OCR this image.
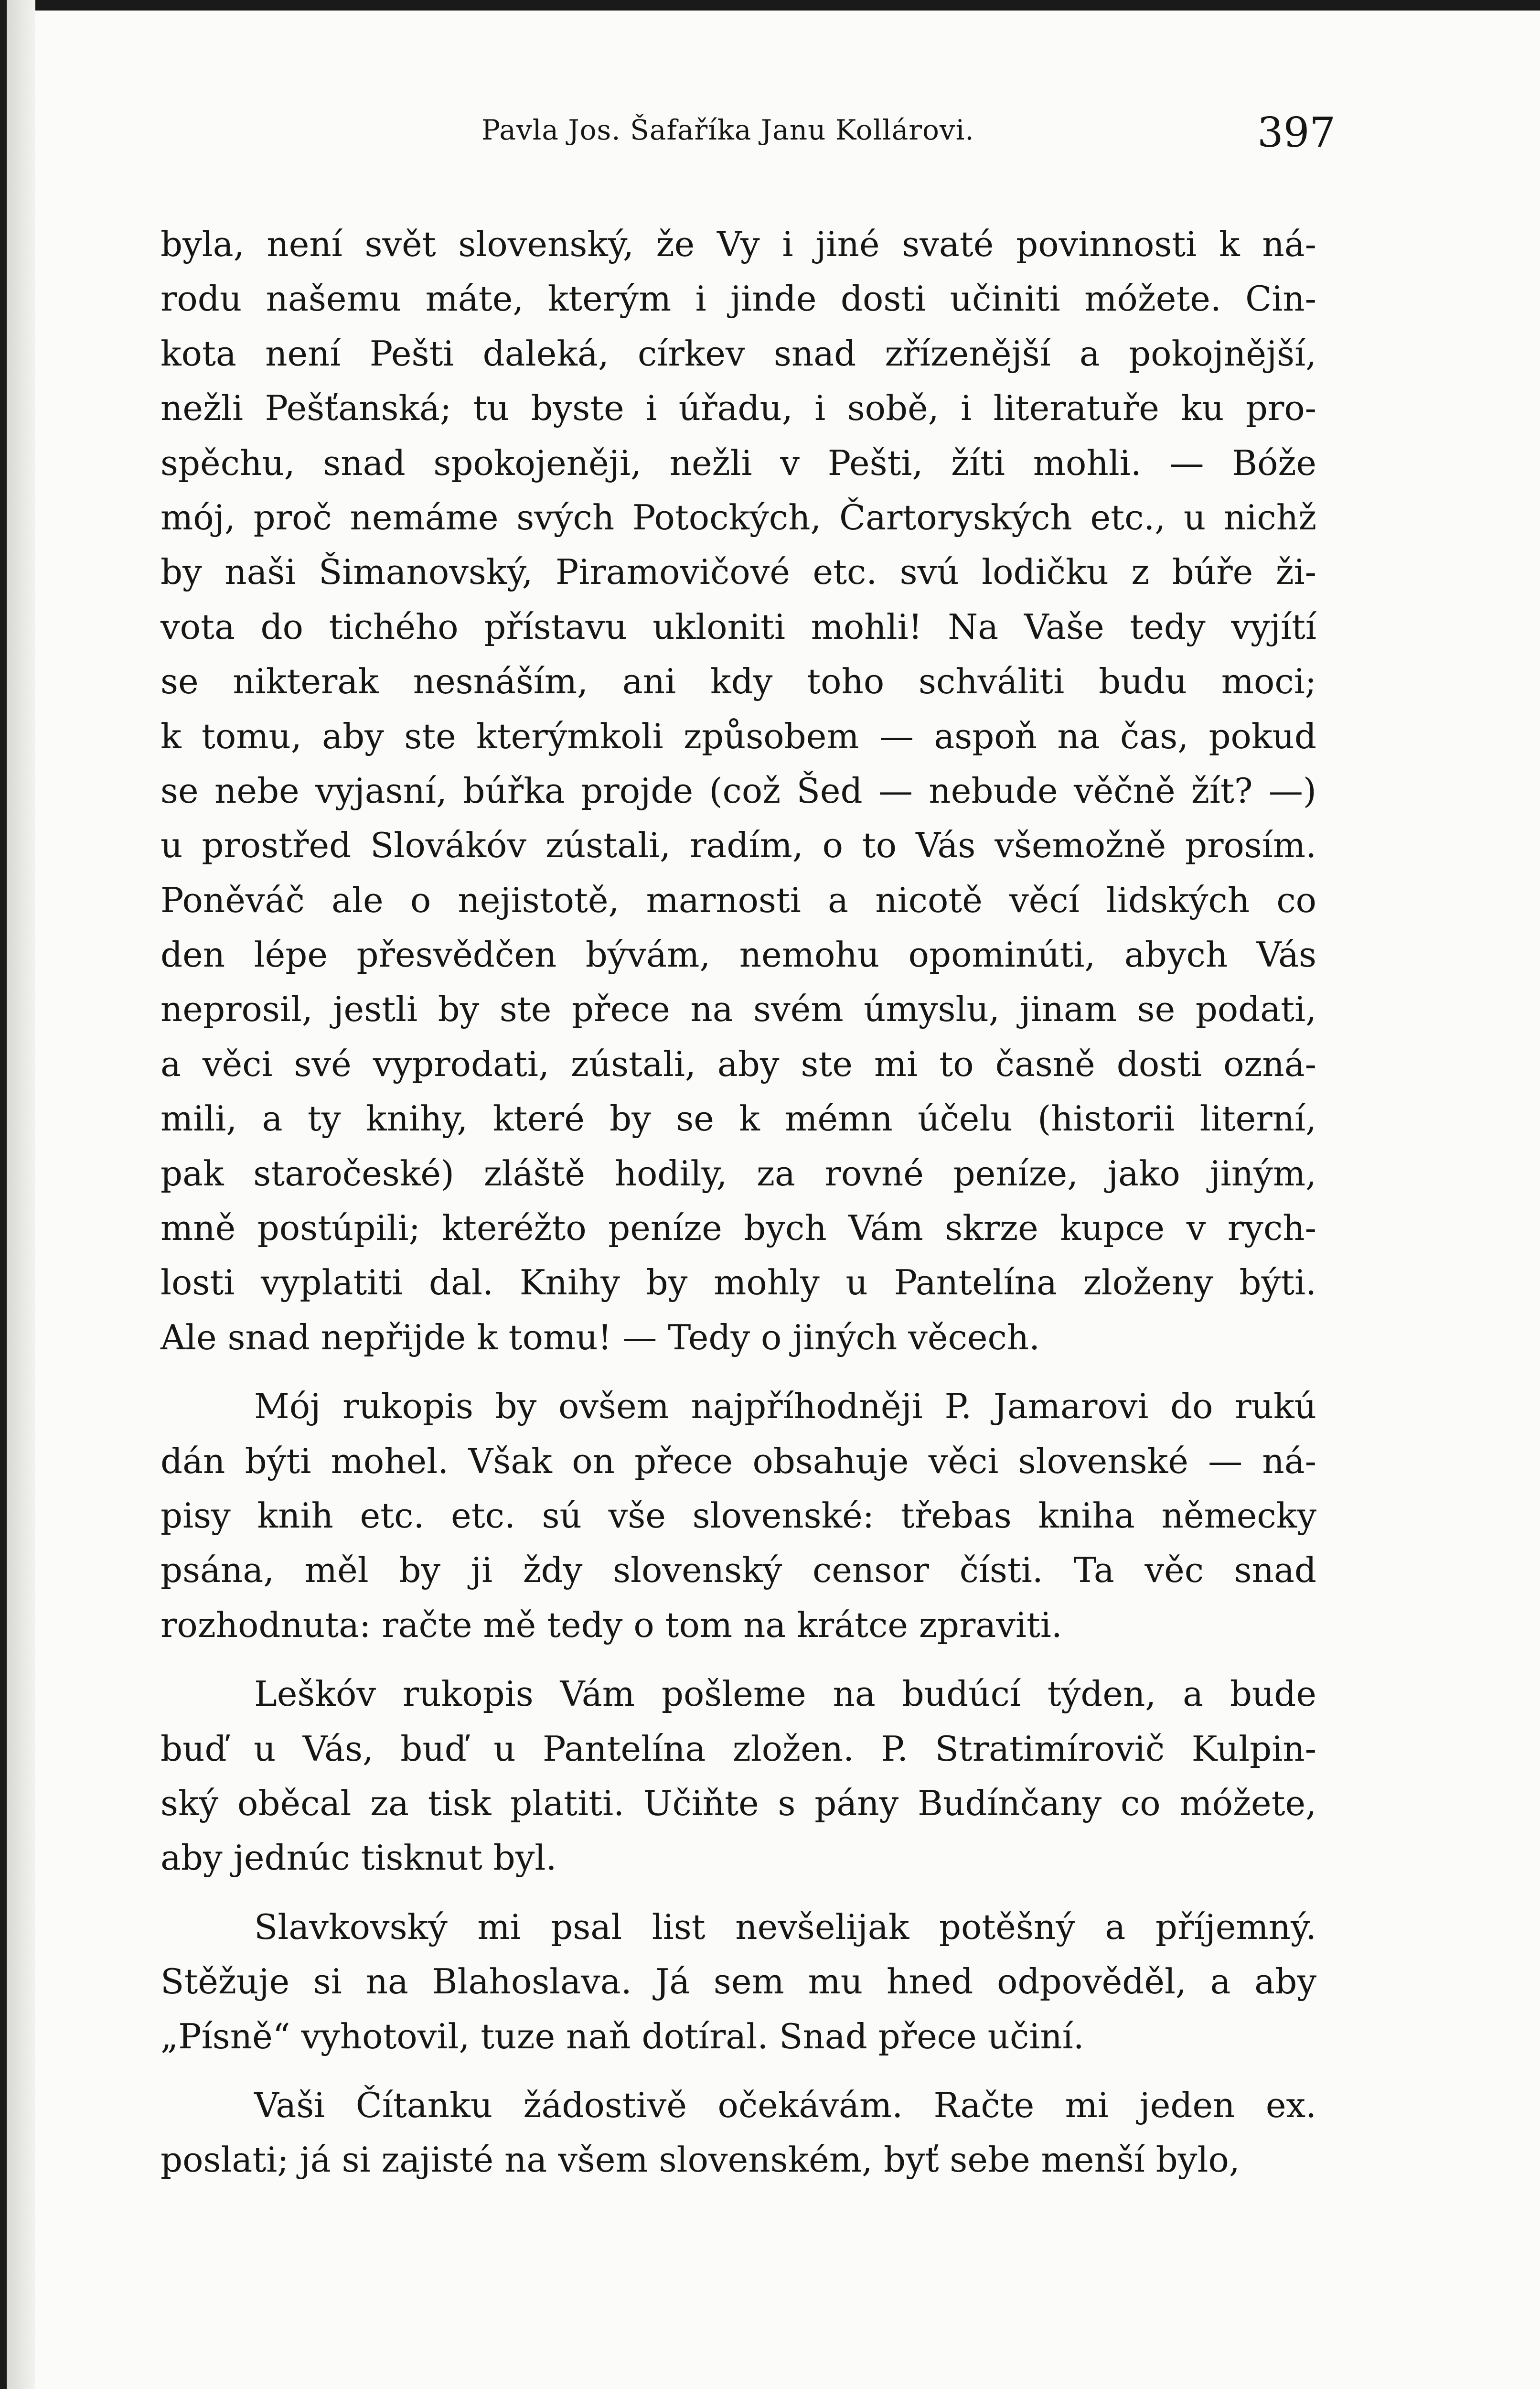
Pavla Jos. Šafaříka Janu Kollárovi.	397
byla, není svět slovenský, že Vy i jiné svaté povinnosti k ná-
rodu našemu máte, kterým i jinde dosti učiniti móžete. Cin-
kota není Pešti daleká, církev snad zřízenější a pokojnější,
nežli Pešťanská; tu byste i úřadu, i sobě, i literatuře ku pro-
spěchu, snad spokojeněji, nežli v Pešti, žíti mohli. — Bóže
mój, proč nemáme svých Potockých, Čartoryských etc., u nichž
by naši Šimanovský, Piramovičové etc. svú lodičku z búře ži-
vota do tichého přístavu ukloniti mohli! Na Vaše tedy vyjítí
se nikterak nesnáším, ani kdy toho schváliti budu moci;
k tomu, aby ste kterýmkoli způsobem — aspoň na čas, pokud
se nebe vyjasní, búřka projde (což Šed — nebude věčně žít? —)
u prostřed Slovákóv zústali, radím, o to Vás všemožně prosím.
Poněváč ale o nejistotě, marnosti a nicotě věcí lidských co
den lépe přesvědčen bývám, nemohu opominúti, abych Vás
neprosil, jestli by ste přece na svém úmyslu, jinam se podati,
a věci své vyprodati, zústali, aby ste mi to časně dosti ozná-
mili, a ty knihy, které by se k mémn účelu (historii literní,
pak staročeské) zláště hodily, za rovné peníze, jako jiným,
mně postúpili; kteréžto peníze bych Vám skrze kupce v rych-
losti vyplatiti dal. Knihy by mohly u Pantelína zloženy býti.
Ale snad nepřijde k tomu! — Tedy o jiných věcech.
Mój rukopis by ovšem najpříhodněji P. Jamarovi do rukú
dán býti mohel. Však on přece obsahuje věci slovenské — ná-
pisy knih etc. etc. sú vše slovenské: třebas kniha německy
psána, měl by ji ždy slovenský censor čísti. Ta věc snad
rozhodnuta: račte mě tedy o tom na krátce zpraviti.
Leškóv rukopis Vám pošleme na budúcí týden, a bude
buď u Vás, buď u Pantelína zložen. P. Stratimírovič Kulpin-
ský oběcal za tisk platiti. Učiňte s pány Budínčany co móžete,
aby jednúc tisknut byl.
Slavkovský mi psal list nevšelijak potěšný a příjemný.
Stěžuje si na Blahoslava. Já sem mu hned odpověděl, a aby
„Písně“ vyhotovil, tuze naň dotíral. Snad přece učiní.
Vaši Čítanku žádostivě očekávám. Račte mi jeden ex.
poslati; já si zajisté na všem slovenském, byť sebe menší bylo,
